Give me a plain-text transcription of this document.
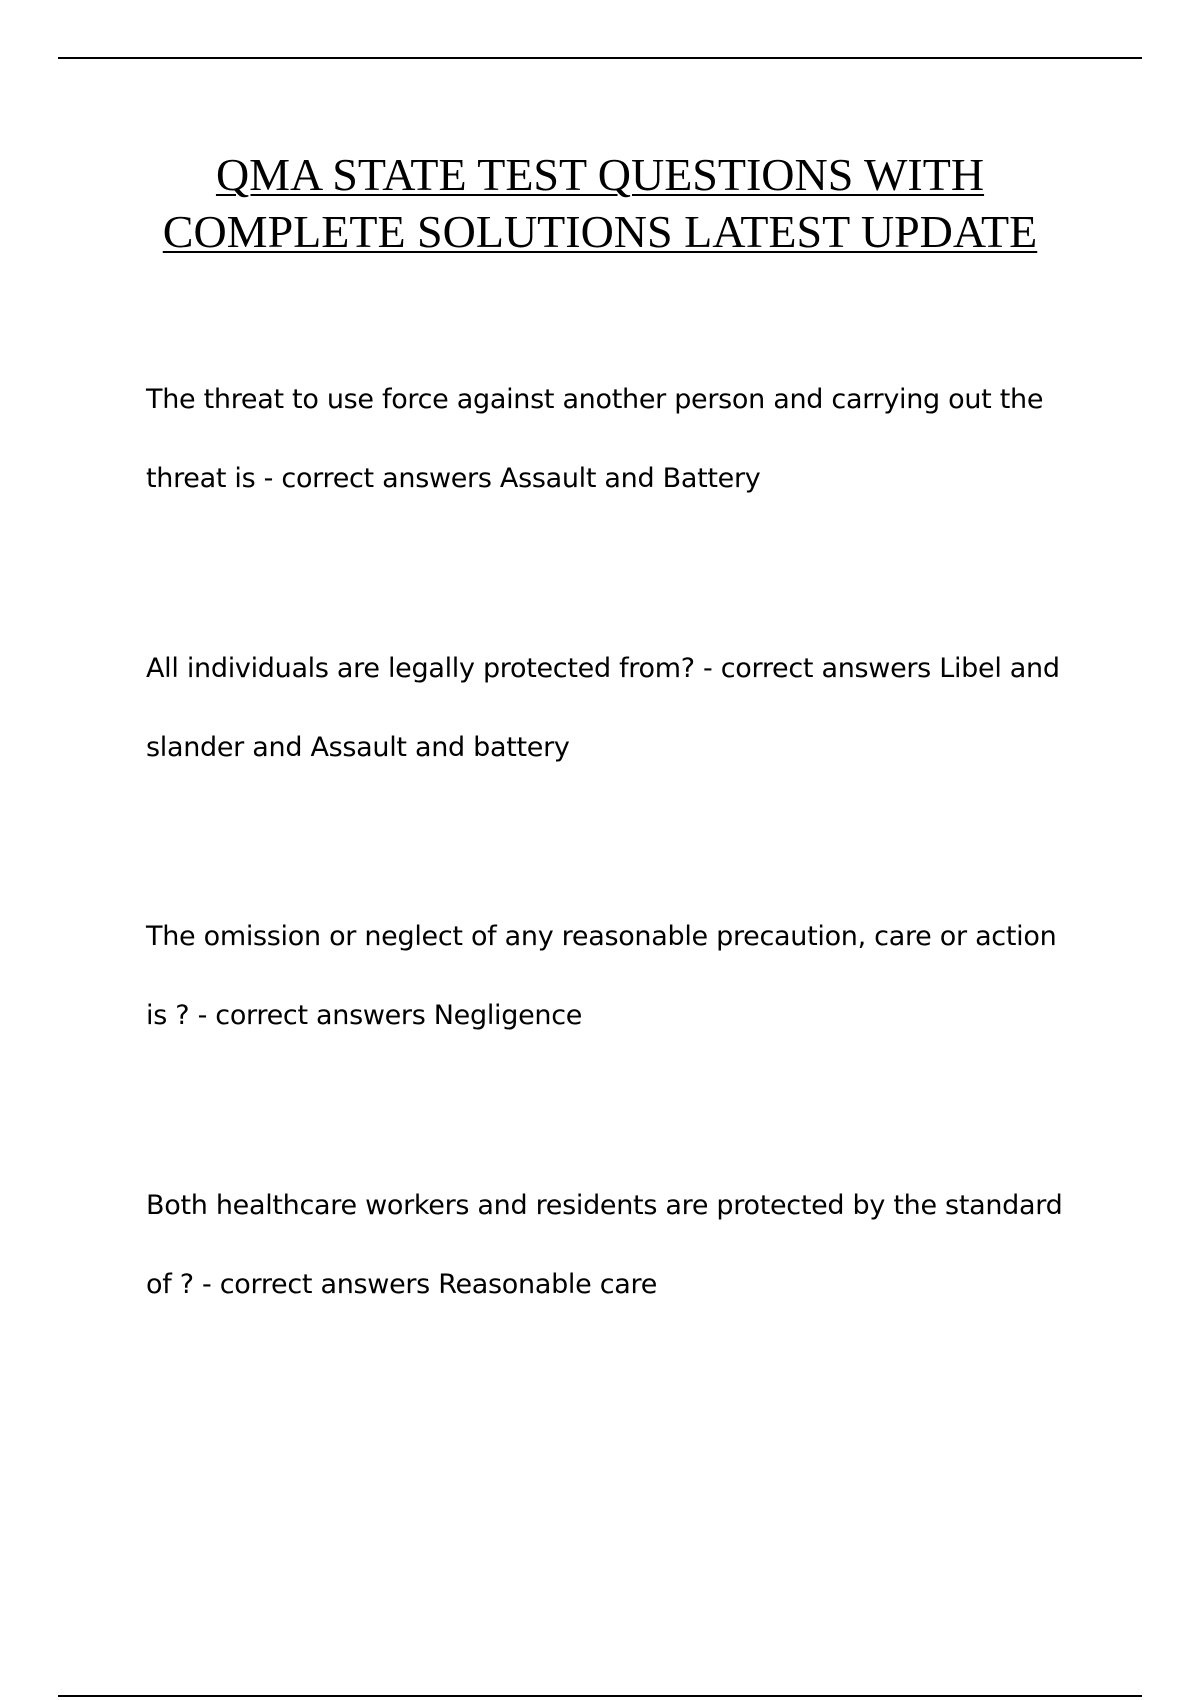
QMA STATE TEST QUESTIONS WITH
COMPLETE SOLUTIONS LATEST UPDATE

The threat to use force against another person and carrying out the
threat is - correct answers Assault and Battery

All individuals are legally protected from? - correct answers Libel and
slander and Assault and battery

The omission or neglect of any reasonable precaution, care or action
is ? - correct answers Negligence

Both healthcare workers and residents are protected by the standard
of ? - correct answers Reasonable care
